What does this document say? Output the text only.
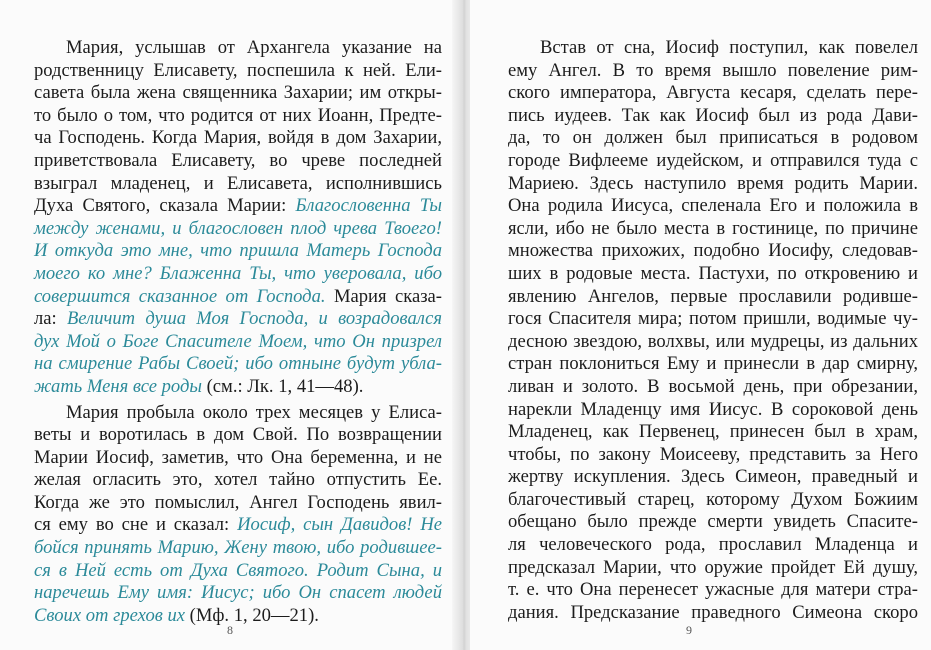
Мария, услышав от Архангела указание на
родственницу Елисавету, поспешила к ней. Ели-
савета была жена священника Захарии; им откры-
то было о том, что родится от них Иоанн, Предте-
ча Господень. Когда Мария, войдя в дом Захарии,
приветствовала Елисавету, во чреве последней
взыграл младенец, и Елисавета, исполнившись
Духа Святого, сказала Марии: Благословенна Ты
между женами, и благословен плод чрева Твоего!
И откуда это мне, что пришла Матерь Господа
моего ко мне? Блаженна Ты, что уверовала, ибо
совершится сказанное от Господа. Мария сказа-
ла: Величит душа Моя Господа, и возрадовался
дух Мой о Боге Спасителе Моем, что Он призрел
на смирение Рабы Своей; ибо отныне будут убла-
жать Меня все роды (см.: Лк. 1, 41—48).
Мария пробыла около трех месяцев у Елиса-
веты и воротилась в дом Свой. По возвращении
Марии Иосиф, заметив, что Она беременна, и не
желая огласить это, хотел тайно отпустить Ее.
Когда же это помыслил, Ангел Господень явил-
ся ему во сне и сказал: Иосиф, сын Давидов! Не
бойся принять Марию, Жену твою, ибо родившее-
ся в Ней есть от Духа Святого. Родит Сына, и
наречешь Ему имя: Иисус; ибо Он спасет людей
Своих от грехов их (Мф. 1, 20—21).
8
Встав от сна, Иосиф поступил, как повелел
ему Ангел. В то время вышло повеление рим-
ского императора, Августа кесаря, сделать пере-
пись иудеев. Так как Иосиф был из рода Дави-
да, то он должен был приписаться в родовом
городе Вифлееме иудейском, и отправился туда с
Мариею. Здесь наступило время родить Марии.
Она родила Иисуса, спеленала Его и положила в
ясли, ибо не было места в гостинице, по причине
множества прихожих, подобно Иосифу, следовав-
ших в родовые места. Пастухи, по откровению и
явлению Ангелов, первые прославили родивше-
гося Спасителя мира; потом пришли, водимые чу-
десною звездою, волхвы, или мудрецы, из дальних
стран поклониться Ему и принесли в дар смирну,
ливан и золото. В восьмой день, при обрезании,
нарекли Младенцу имя Иисус. В сороковой день
Младенец, как Первенец, принесен был в храм,
чтобы, по закону Моисееву, представить за Него
жертву искупления. Здесь Симеон, праведный и
благочестивый старец, которому Духом Божиим
обещано было прежде смерти увидеть Спасите-
ля человеческого рода, прославил Младенца и
предсказал Марии, что оружие пройдет Ей душу,
т. е. что Она перенесет ужасные для матери стра-
дания. Предсказание праведного Симеона скоро
9
